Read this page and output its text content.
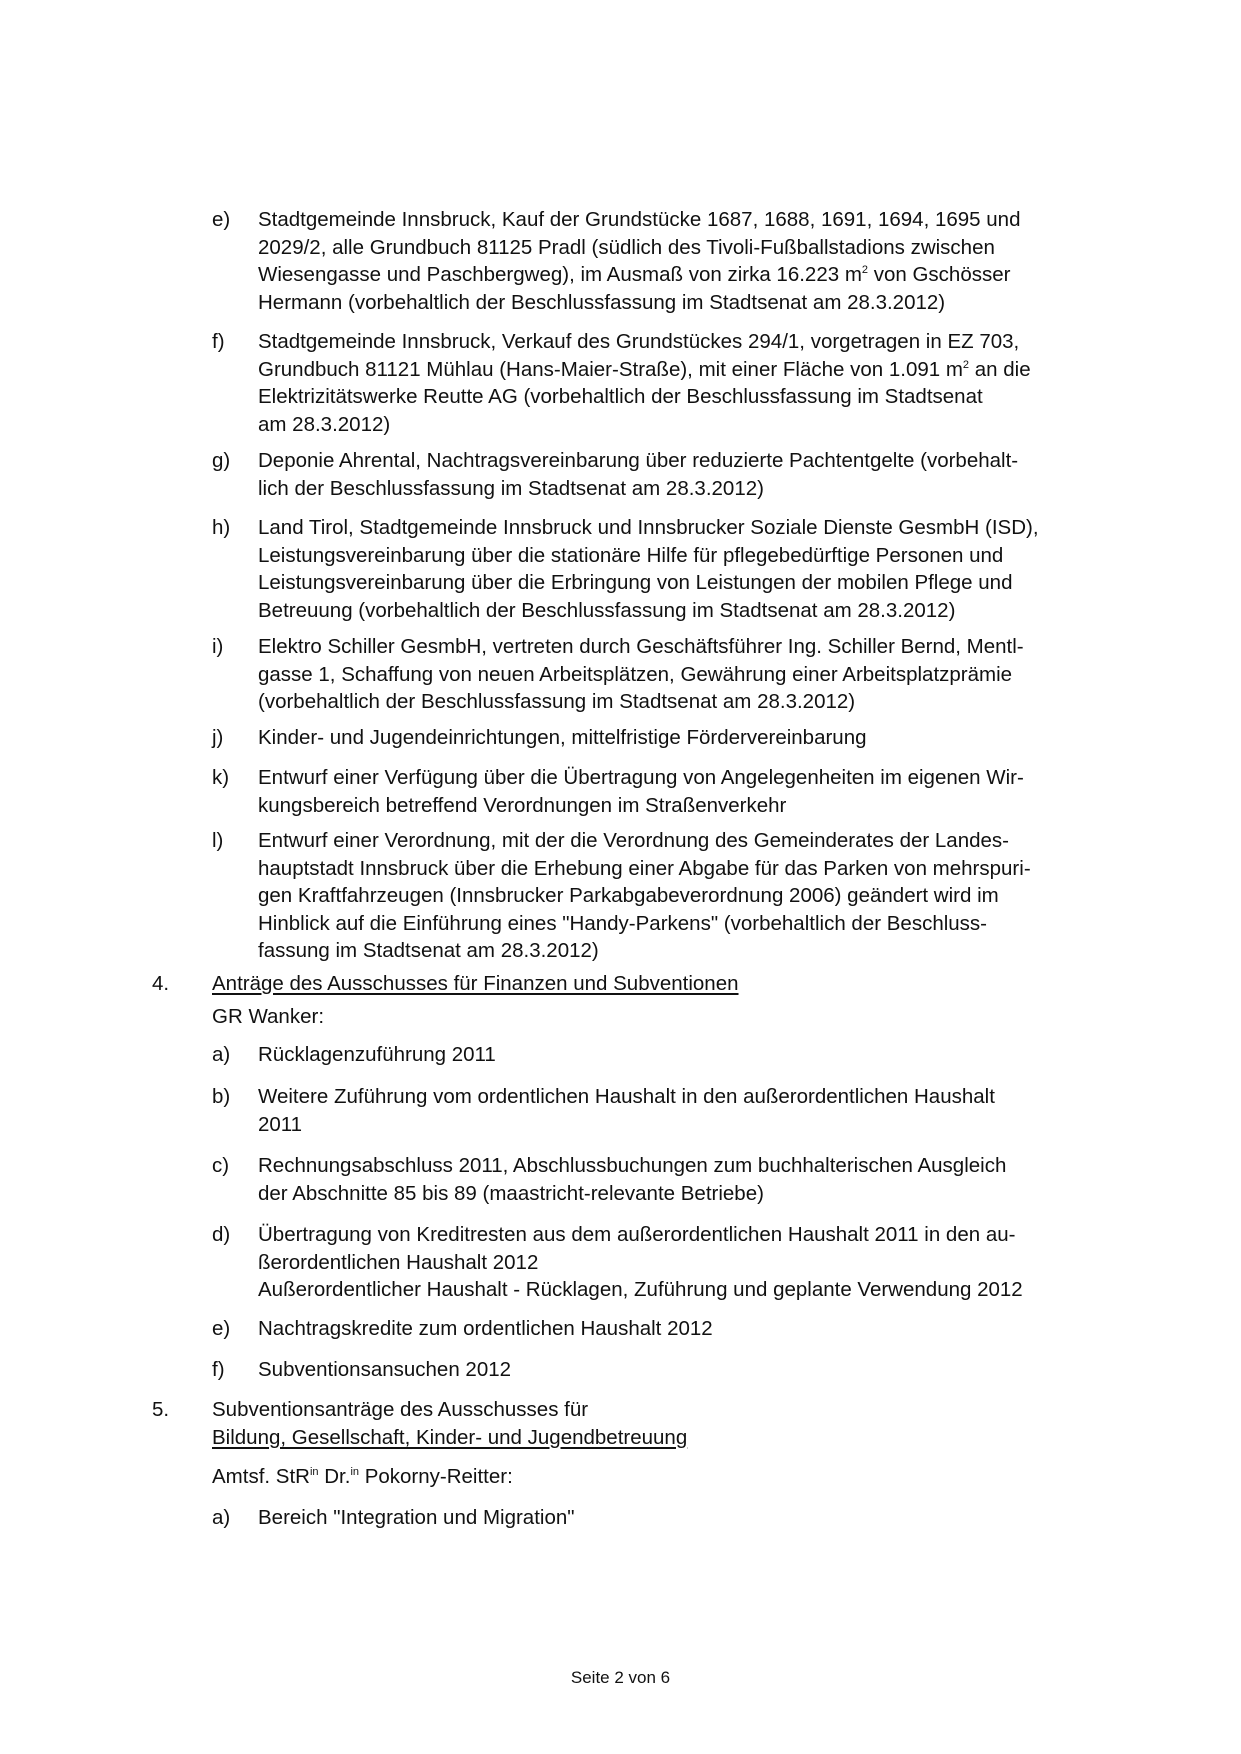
e) Stadtgemeinde Innsbruck, Kauf der Grundstücke 1687, 1688, 1691, 1694, 1695 und
2029/2, alle Grundbuch 81125 Pradl (südlich des Tivoli-Fußballstadions zwischen
Wiesengasse und Paschbergweg), im Ausmaß von zirka 16.223 $m^2$ von Gschösser
Hermann (vorbehaltlich der Beschlussfassung im Stadtsenat am 28.3.2012)
f) Stadtgemeinde Innsbruck, Verkauf des Grundstückes 294/1, vorgetragen in EZ 703,
Grundbuch 81121 Mühlau (Hans-Maier-Straße), mit einer Fläche von 1.091 $m^2$ an die
Elektrizitätswerke Reutte AG (vorbehaltlich der Beschlussfassung im Stadtsenat
am 28.3.2012)
g) Deponie Ahrental, Nachtragsvereinbarung über reduzierte Pachtentgelte (vorbehalt-
lich der Beschlussfassung im Stadtsenat am 28.3.2012)
h) Land Tirol, Stadtgemeinde Innsbruck und Innsbrucker Soziale Dienste GesmbH (ISD),
Leistungsvereinbarung über die stationäre Hilfe für pflegebedürftige Personen und
Leistungsvereinbarung über die Erbringung von Leistungen der mobilen Pflege und
Betreuung (vorbehaltlich der Beschlussfassung im Stadtsenat am 28.3.2012)
i) Elektro Schiller GesmbH, vertreten durch Geschäftsführer Ing. Schiller Bernd, Mentl-
gasse 1, Schaffung von neuen Arbeitsplätzen, Gewährung einer Arbeitsplatzprämie
(vorbehaltlich der Beschlussfassung im Stadtsenat am 28.3.2012)
j) Kinder- und Jugendeinrichtungen, mittelfristige Fördervereinbarung
k) Entwurf einer Verfügung über die Übertragung von Angelegenheiten im eigenen Wir-
kungsbereich betreffend Verordnungen im Straßenverkehr
l) Entwurf einer Verordnung, mit der die Verordnung des Gemeinderates der Landes-
hauptstadt Innsbruck über die Erhebung einer Abgabe für das Parken von mehrspuri-
gen Kraftfahrzeugen (Innsbrucker Parkabgabeverordnung 2006) geändert wird im
Hinblick auf die Einführung eines "Handy-Parkens" (vorbehaltlich der Beschluss-
fassung im Stadtsenat am 28.3.2012)
4. Anträge des Ausschusses für Finanzen und Subventionen
GR Wanker:
a) Rücklagenzuführung 2011
b) Weitere Zuführung vom ordentlichen Haushalt in den außerordentlichen Haushalt
2011
c) Rechnungsabschluss 2011, Abschlussbuchungen zum buchhalterischen Ausgleich
der Abschnitte 85 bis 89 (maastricht-relevante Betriebe)
d) Übertragung von Kreditresten aus dem außerordentlichen Haushalt 2011 in den au-
ßerordentlichen Haushalt 2012
Außerordentlicher Haushalt - Rücklagen, Zuführung und geplante Verwendung 2012
e) Nachtragskredite zum ordentlichen Haushalt 2012
f) Subventionsansuchen 2012
5. Subventionsanträge des Ausschusses für
Bildung, Gesellschaft, Kinder- und Jugendbetreuung
Amtsf. StR$^{in}$ Dr.$^{in}$ Pokorny-Reitter:
a) Bereich "Integration und Migration"
Seite 2 von 6
